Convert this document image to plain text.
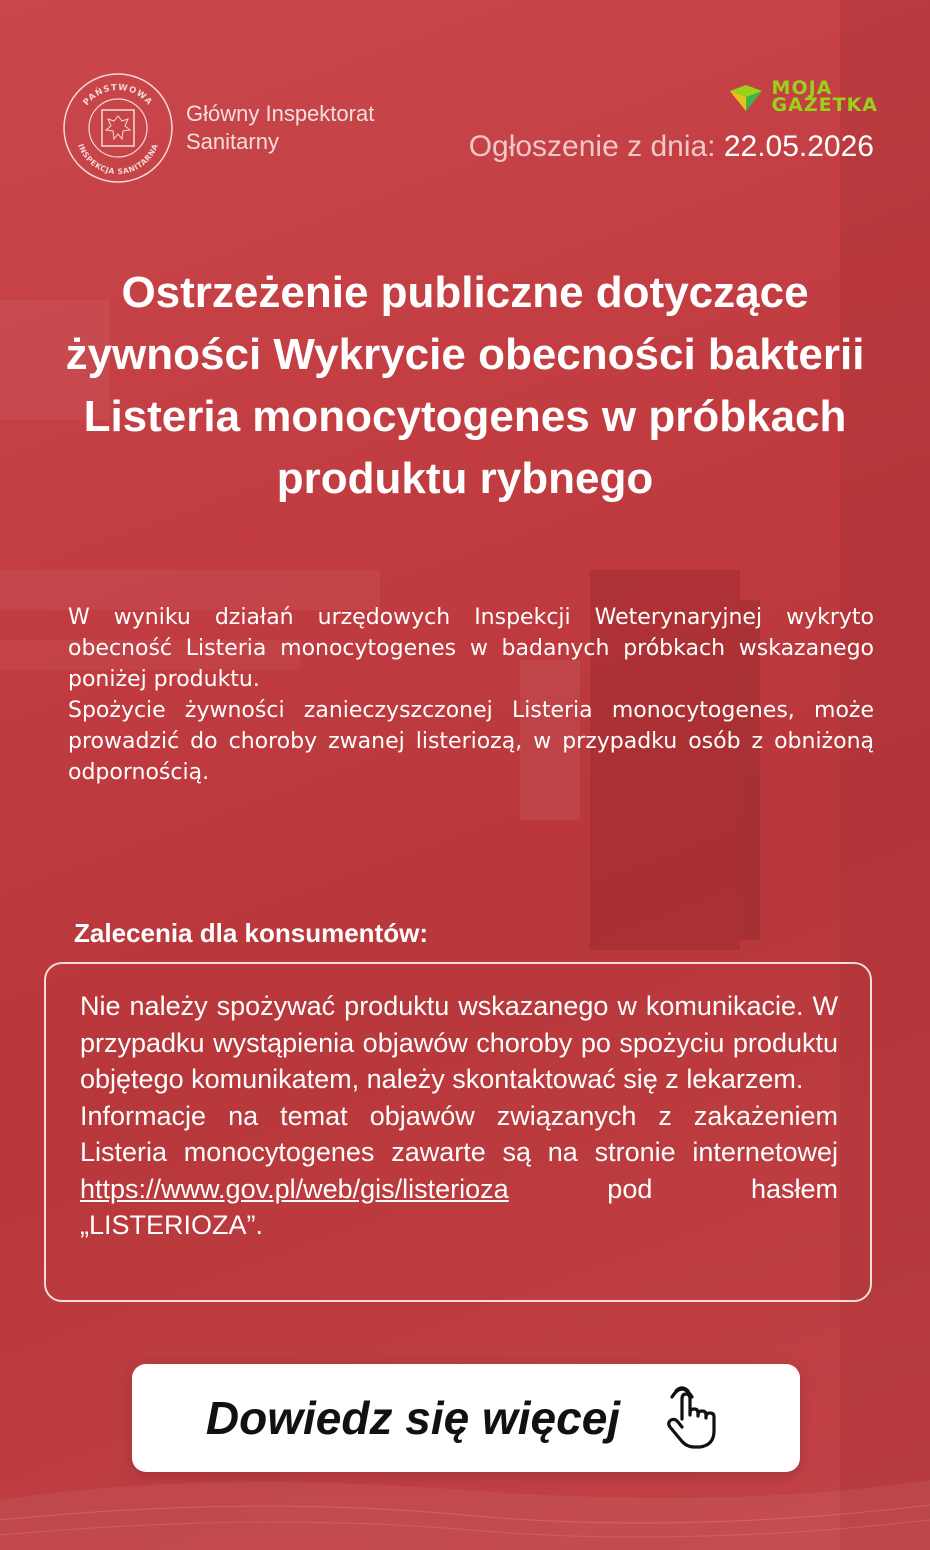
PAŃSTWOWA
INSPEKCJA SANITARNA
Główny Inspektorat
Sanitarny
MOJA
GAZETKA
Ogłoszenie z dnia: 22.05.2026
Ostrzeżenie publiczne dotyczące żywności Wykrycie obecności bakterii Listeria monocytogenes w próbkach produktu rybnego

W wyniku działań urzędowych Inspekcji Weterynaryjnej wykryto obecność Listeria monocytogenes w badanych próbkach wskazanego poniżej produktu.

Spożycie żywności zanieczyszczonej Listeria monocytogenes, może prowadzić do choroby zwanej listeriozą, w przypadku osób z obniżoną odpornością.

Zalecenia dla konsumentów:

Nie należy spożywać produktu wskazanego w komunikacie. W przypadku wystąpienia objawów choroby po spożyciu produktu objętego komunikatem, należy skontaktować się z lekarzem.

Informacje na temat objawów związanych z zakażeniem Listeria monocytogenes zawarte są na stronie internetowej https://www.gov.pl/web/gis/listerioza pod hasłem „LISTERIOZA”.

Dowiedz się więcej
